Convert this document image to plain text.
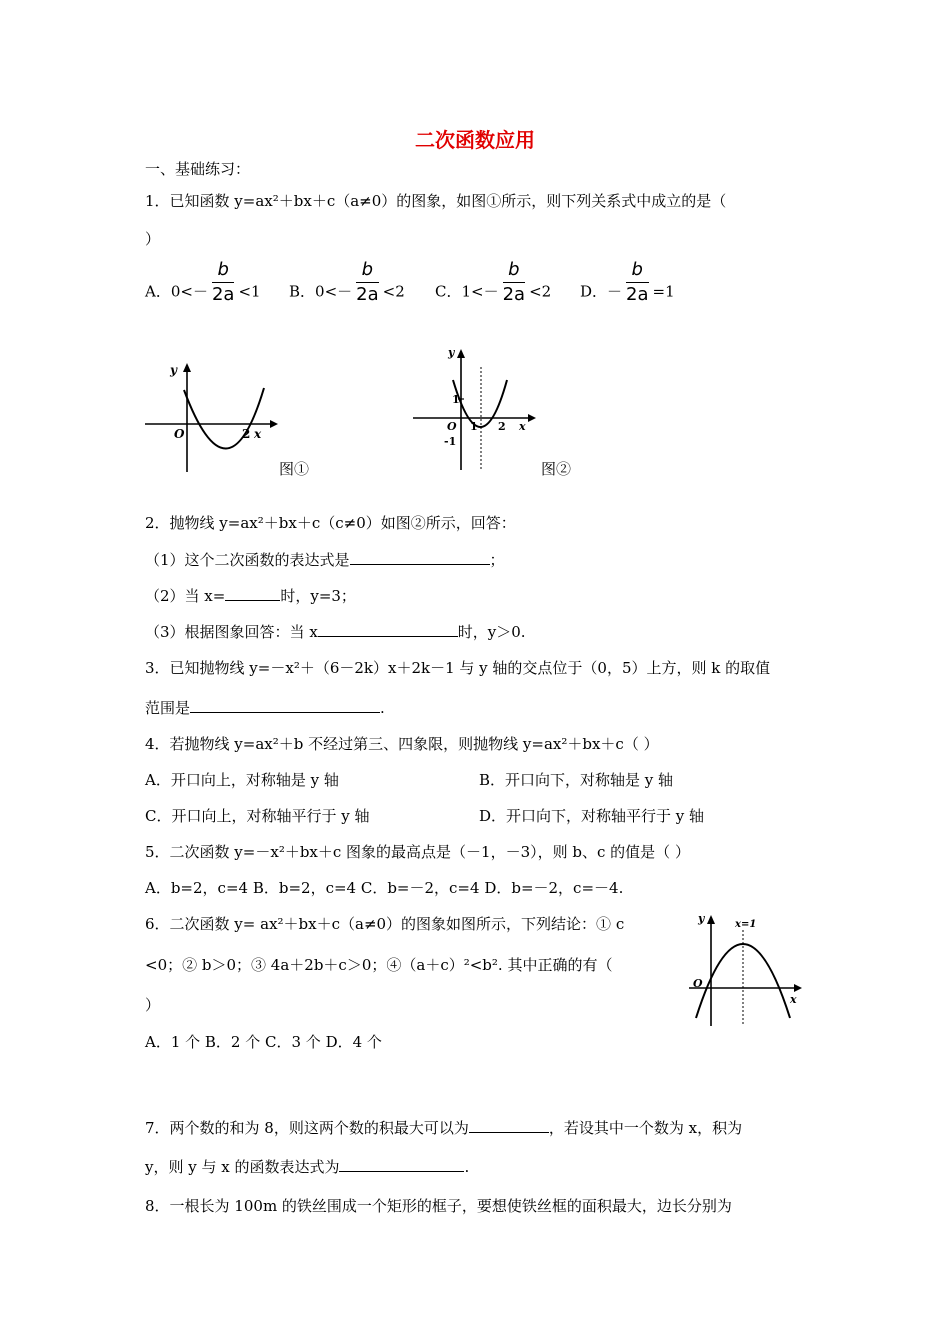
二次函数应用
一、基础练习：
1．已知函数 y=ax²＋bx＋c（a≠0）的图象，如图①所示，则下列关系式中成立的是（
）
A．$0<- \frac{b}{2a} <1$ B．$0<- \frac{b}{2a} <2$ C．$1<- \frac{b}{2a} <2$ D．－ $\frac{b}{2a} =1$
y
O	2 x
图①
y
1
O
-1
1 2 x
图②
2．抛物线 y=ax²＋bx＋c（c≠0）如图②所示，回答：
（1）这个二次函数的表达式是	；
（2）当 x=	时，y=3；
（3）根据图象回答：当 x	时，y＞0.
3．已知抛物线 y=－x²＋（6－2k）x＋2k－1 与 y 轴的交点位于（0，5）上方，则 k 的取值
范围是	.
4．若抛物线 y=ax²＋b 不经过第三、四象限，则抛物线 y=ax²＋bx＋c（ ）
A．开口向上，对称轴是 y 轴	B．开口向下，对称轴是 y 轴
C．开口向上，对称轴平行于 y 轴	D．开口向下，对称轴平行于 y 轴
5．二次函数 y=－x²＋bx＋c 图象的最高点是（－1，－3），则 b、c 的值是（ ）
A．b=2，c=4 B．b=2，c=4 C．b=－2，c=4 D．b=－2，c=－4.
6．二次函数 y= ax²＋bx＋c（a≠0）的图象如图所示，下列结论：① c
<0；② b＞0；③ 4a＋2b＋c＞0；④（a＋c）²<b². 其中正确的有（
）
A．1 个 B．2 个 C．3 个 D．4 个
y	x=1
O
x
7．两个数的和为 8，则这两个数的积最大可以为	，若设其中一个数为 x，积为
y，则 y 与 x 的函数表达式为	.
8．一根长为 100m 的铁丝围成一个矩形的框子，要想使铁丝框的面积最大，边长分别为
